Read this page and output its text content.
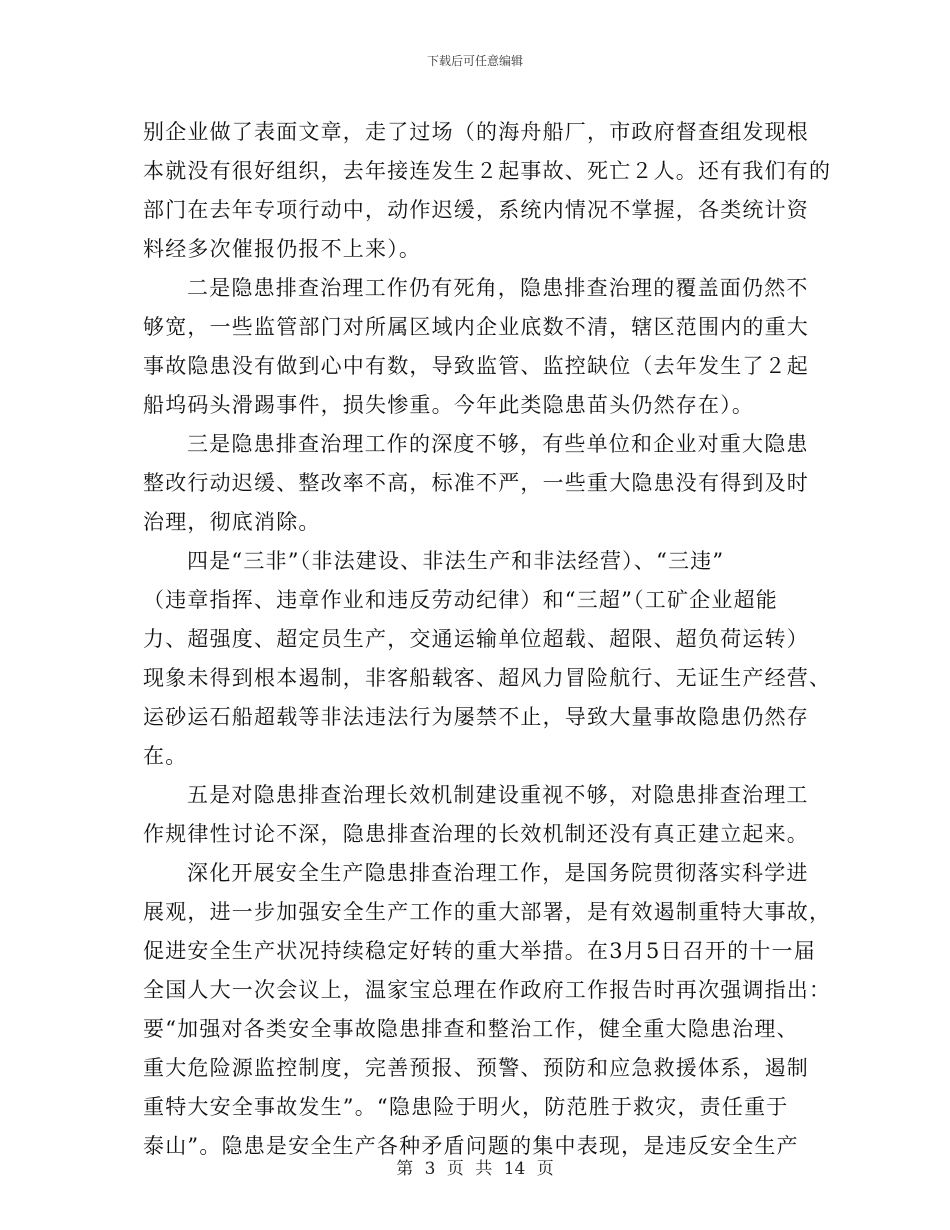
下载后可任意编辑
别企业做了表面文章，走了过场（的海舟船厂，市政府督查组发现根
本就没有很好组织，去年接连发生２起事故、死亡２人。还有我们有的
部门在去年专项行动中，动作迟缓，系统内情况不掌握，各类统计资
料经多次催报仍报不上来）。
二是隐患排查治理工作仍有死角，隐患排查治理的覆盖面仍然不
够宽，一些监管部门对所属区域内企业底数不清，辖区范围内的重大
事故隐患没有做到心中有数，导致监管、监控缺位（去年发生了２起
船坞码头滑踢事件，损失惨重。今年此类隐患苗头仍然存在）。
三是隐患排查治理工作的深度不够，有些单位和企业对重大隐患
整改行动迟缓、整改率不高，标准不严，一些重大隐患没有得到及时
治理，彻底消除。
四是“三非”（非法建设、非法生产和非法经营）、“三违”
（违章指挥、违章作业和违反劳动纪律）和“三超”（工矿企业超能
力、超强度、超定员生产，交通运输单位超载、超限、超负荷运转）
现象未得到根本遏制，非客船载客、超风力冒险航行、无证生产经营、
运砂运石船超载等非法违法行为屡禁不止，导致大量事故隐患仍然存
在。
五是对隐患排查治理长效机制建设重视不够，对隐患排查治理工
作规律性讨论不深，隐患排查治理的长效机制还没有真正建立起来。
深化开展安全生产隐患排查治理工作，是国务院贯彻落实科学进
展观，进一步加强安全生产工作的重大部署，是有效遏制重特大事故，
促进安全生产状况持续稳定好转的重大举措。在3月5日召开的十一届
全国人大一次会议上，温家宝总理在作政府工作报告时再次强调指出：
要“加强对各类安全事故隐患排查和整治工作，健全重大隐患治理、
重大危险源监控制度，完善预报、预警、预防和应急救援体系，遏制
重特大安全事故发生”。“隐患险于明火，防范胜于救灾，责任重于
泰山”。隐患是安全生产各种矛盾问题的集中表现，是违反安全生产
第 3 页 共 14 页
